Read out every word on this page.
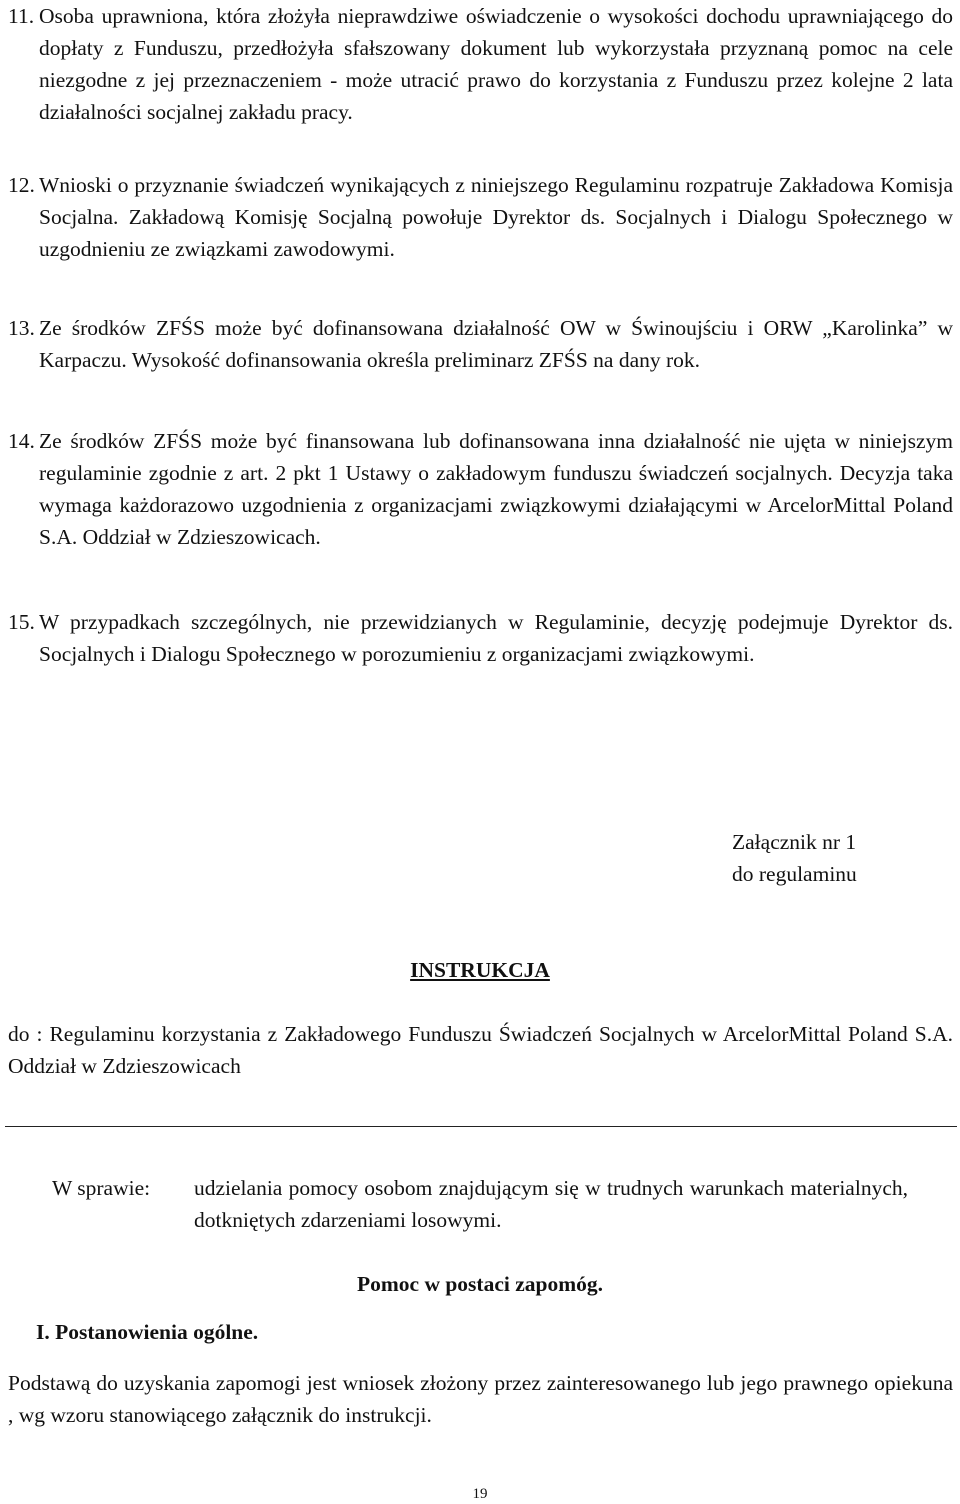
11. Osoba uprawniona, która złożyła nieprawdziwe oświadczenie o wysokości dochodu uprawniającego do dopłaty z Funduszu, przedłożyła sfałszowany dokument lub wykorzystała przyznaną pomoc na cele niezgodne z jej przeznaczeniem - może utracić prawo do korzystania z Funduszu przez kolejne 2 lata działalności socjalnej zakładu pracy.
12. Wnioski o przyznanie świadczeń wynikających z niniejszego Regulaminu rozpatruje Zakładowa Komisja Socjalna. Zakładową Komisję Socjalną powołuje Dyrektor ds. Socjalnych i Dialogu Społecznego w uzgodnieniu ze związkami zawodowymi.
13. Ze środków ZFŚS może być dofinansowana działalność OW w Świnoujściu i ORW „Karolinka” w Karpaczu. Wysokość dofinansowania określa preliminarz ZFŚS na dany rok.
14. Ze środków ZFŚS może być finansowana lub dofinansowana inna działalność nie ujęta w niniejszym regulaminie zgodnie z art. 2 pkt 1 Ustawy o zakładowym funduszu świadczeń socjalnych. Decyzja taka wymaga każdorazowo uzgodnienia z organizacjami związkowymi działającymi w ArcelorMittal Poland S.A. Oddział w Zdzieszowicach.
15. W przypadkach szczególnych, nie przewidzianych w Regulaminie, decyzję podejmuje Dyrektor ds. Socjalnych i Dialogu Społecznego w porozumieniu z organizacjami związkowymi.
Załącznik nr 1
do regulaminu
INSTRUKCJA
do : Regulaminu korzystania z Zakładowego Funduszu Świadczeń Socjalnych w ArcelorMittal Poland S.A. Oddział w Zdzieszowicach
W sprawie: udzielania pomocy osobom znajdującym się w trudnych warunkach materialnych, dotkniętych zdarzeniami losowymi.
Pomoc w postaci zapomóg.
I. Postanowienia ogólne.
Podstawą do uzyskania zapomogi jest wniosek złożony przez zainteresowanego lub jego prawnego opiekuna , wg wzoru stanowiącego załącznik do instrukcji.
19
